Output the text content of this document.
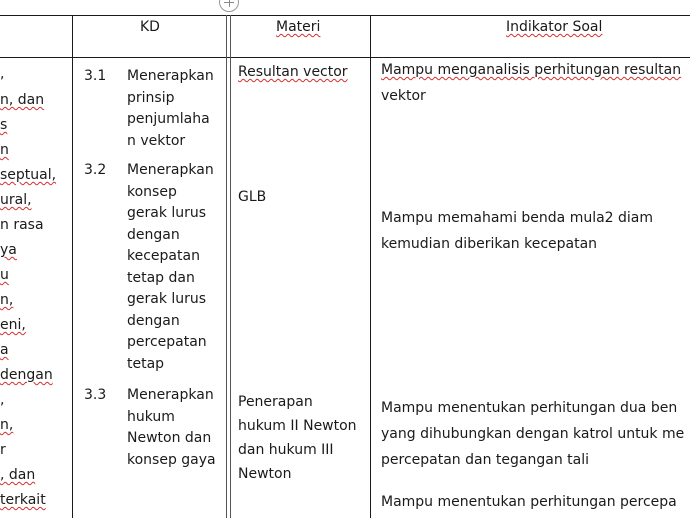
KD	Materi	Indikator Soal
,
n, dan
s
n
septual,
ural,
n rasa
ya
u
n,
eni,
a
dengan
,
n,
r
, dan
terkait
3.1 Menerapkan
prinsip
penjumlaha
n vektor
Resultan vector Mampu menganalisis perhitungan resultan
vektor
3.2 Menerapkan
konsep
gerak lurus
dengan
kecepatan
tetap dan
gerak lurus
dengan
percepatan
tetap
GLB
Mampu memahami benda mula2 diam
kemudian diberikan kecepatan
3.3 Menerapkan
hukum
Newton dan
konsep gaya
Penerapan
hukum II Newton
dan hukum III
Newton
Mampu menentukan perhitungan dua ben
yang dihubungkan dengan katrol untuk me
percepatan dan tegangan tali
Mampu menentukan perhitungan percepa
